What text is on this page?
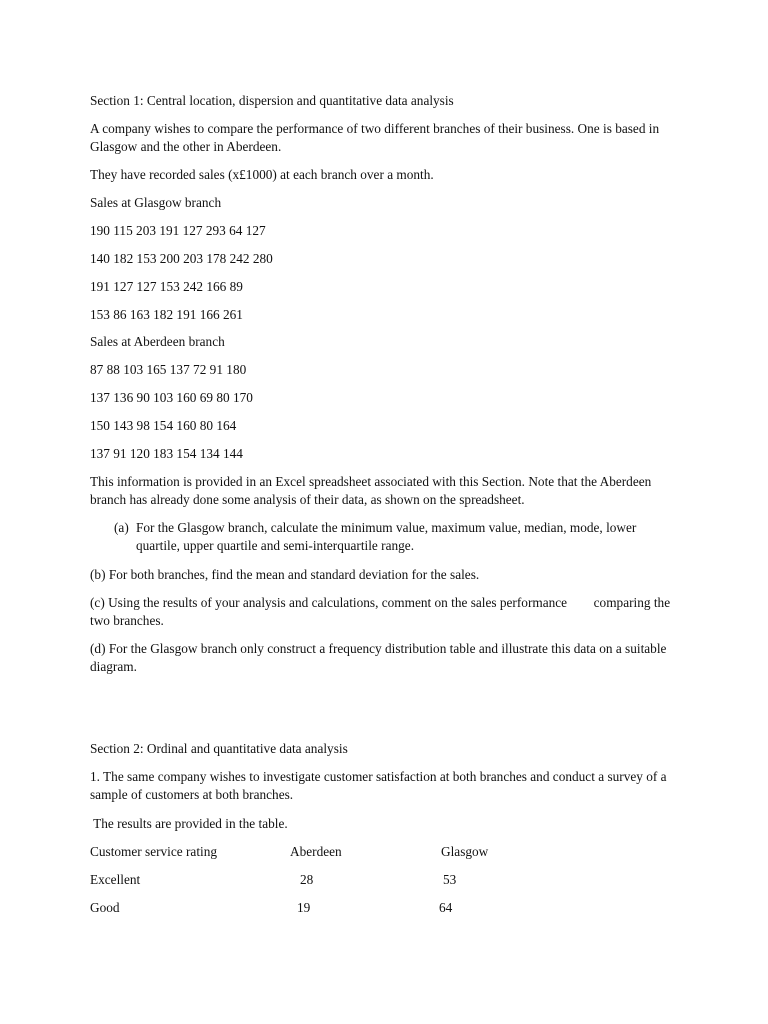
Section 1: Central location, dispersion and quantitative data analysis

A company wishes to compare the performance of two different branches of their business. One is based in Glasgow and the other in Aberdeen.

They have recorded sales (x£1000) at each branch over a month.

Sales at Glasgow branch

190 115 203 191 127 293 64 127

140 182 153 200 203 178 242 280

191 127 127 153 242 166 89

153 86 163 182 191 166 261

Sales at Aberdeen branch

87 88 103 165 137 72 91 180

137 136 90 103 160 69 80 170

150 143 98 154 160 80 164

137 91 120 183 154 134 144

This information is provided in an Excel spreadsheet associated with this Section. Note that the Aberdeen branch has already done some analysis of their data, as shown on the spreadsheet.

(a) For the Glasgow branch, calculate the minimum value, maximum value, median, mode, lower quartile, upper quartile and semi-interquartile range.

(b) For both branches, find the mean and standard deviation for the sales.

(c) Using the results of your analysis and calculations, comment on the sales performance        comparing the two branches.

(d) For the Glasgow branch only construct a frequency distribution table and illustrate this data on a suitable diagram.

Section 2: Ordinal and quantitative data analysis

1. The same company wishes to investigate customer satisfaction at both branches and conduct a survey of a sample of customers at both branches.

The results are provided in the table.

Customer service rating	Aberdeen	Glasgow
Excellent	28	53
Good	19	64
